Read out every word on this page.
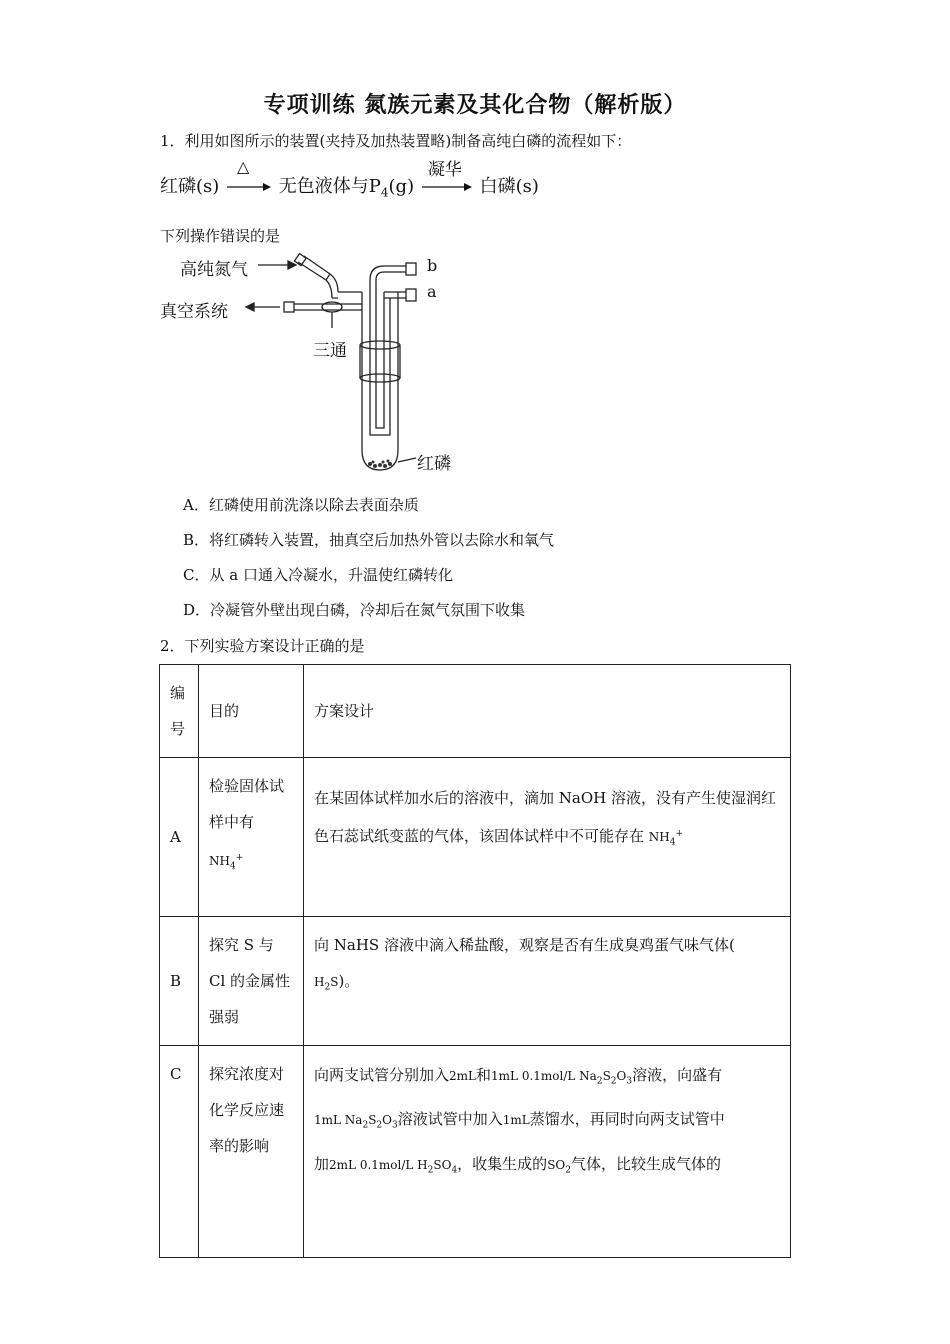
专项训练 氮族元素及其化合物（解析版）
1．利用如图所示的装置(夹持及加热装置略)制备高纯白磷的流程如下：
红磷(s)
△
无色液体与$P_4(g)$
凝华
白磷(s)
下列操作错误的是
高纯氮气
真空系统
三通
b
a
红磷
A．红磷使用前洗涤以除去表面杂质
B．将红磷转入装置，抽真空后加热外管以去除水和氧气
C．从 a 口通入冷凝水，升温使红磷转化
D．冷凝管外壁出现白磷，冷却后在氮气氛围下收集
2．下列实验方案设计正确的是
编号	目的	方案设计
A	检验固体试样中有
$NH_4^+$	在某固体试样加水后的溶液中，滴加 NaOH 溶液，没有产生使湿润红色石蕊试纸变蓝的气体，该固体试样中不可能存在 $NH_4^+$
B	探究 S 与 Cl 的金属性强弱	向 NaHS 溶液中滴入稀盐酸，观察是否有生成臭鸡蛋气味气体(
$H_2S$)。
C	探究浓度对化学反应速率的影响	向两支试管分别加入2mL和1mL 0.1mol/L $Na_2S_2O_3$溶液，向盛有
1mL $Na_2S_2O_3$溶液试管中加入1mL蒸馏水，再同时向两支试管中
加2mL 0.1mol/L $H_2SO_4$，收集生成的$SO_2$气体，比较生成气体的
